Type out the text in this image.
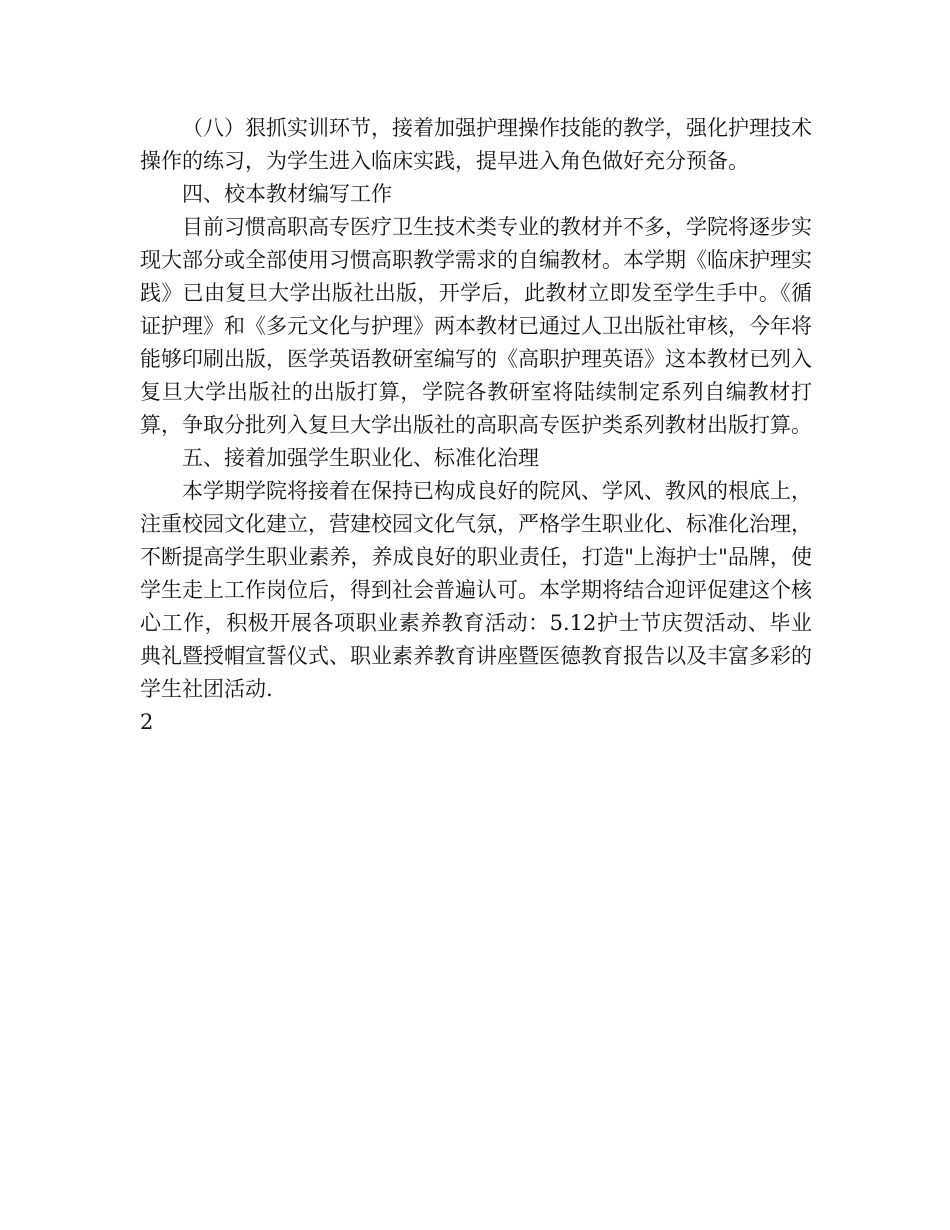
（八）狠抓实训环节，接着加强护理操作技能的教学，强化护理技术操作的练习，为学生进入临床实践，提早进入角色做好充分预备。

四、校本教材编写工作

目前习惯高职高专医疗卫生技术类专业的教材并不多，学院将逐步实现大部分或全部使用习惯高职教学需求的自编教材。本学期《临床护理实践》已由复旦大学出版社出版，开学后，此教材立即发至学生手中。《循证护理》和《多元文化与护理》两本教材已通过人卫出版社审核，今年将能够印刷出版，医学英语教研室编写的《高职护理英语》这本教材已列入复旦大学出版社的出版打算，学院各教研室将陆续制定系列自编教材打算，争取分批列入复旦大学出版社的高职高专医护类系列教材出版打算。

五、接着加强学生职业化、标准化治理

本学期学院将接着在保持已构成良好的院风、学风、教风的根底上，注重校园文化建立，营建校园文化气氛，严格学生职业化、标准化治理，不断提高学生职业素养，养成良好的职业责任，打造"上海护士"品牌，使学生走上工作岗位后，得到社会普遍认可。本学期将结合迎评促建这个核心工作，积极开展各项职业素养教育活动：5.12护士节庆贺活动、毕业典礼暨授帽宣誓仪式、职业素养教育讲座暨医德教育报告以及丰富多彩的学生社团活动.

2
